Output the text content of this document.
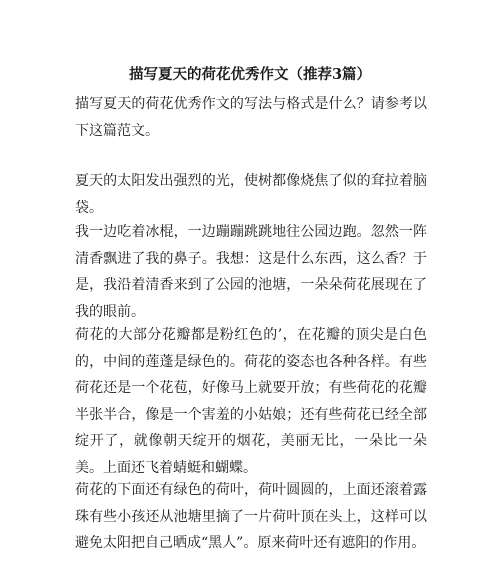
描写夏天的荷花优秀作文（推荐3篇）

描写夏天的荷花优秀作文的写法与格式是什么？请参考以下这篇范文。

夏天的太阳发出强烈的光，使树都像烧焦了似的耷拉着脑袋。

我一边吃着冰棍，一边蹦蹦跳跳地往公园边跑。忽然一阵清香飘进了我的鼻子。我想：这是什么东西，这么香？于是，我沿着清香来到了公园的池塘，一朵朵荷花展现在了我的眼前。

荷花的大部分花瓣都是粉红色的’，在花瓣的顶尖是白色的，中间的莲蓬是绿色的。荷花的姿态也各种各样。有些荷花还是一个花苞，好像马上就要开放；有些荷花的花瓣半张半合，像是一个害羞的小姑娘；还有些荷花已经全部绽开了，就像朝天绽开的烟花，美丽无比，一朵比一朵美。上面还飞着蜻蜓和蝴蝶。

荷花的下面还有绿色的荷叶，荷叶圆圆的，上面还滚着露珠有些小孩还从池塘里摘了一片荷叶顶在头上，这样可以避免太阳把自己晒成“黑人”。原来荷叶还有遮阳的作用。
